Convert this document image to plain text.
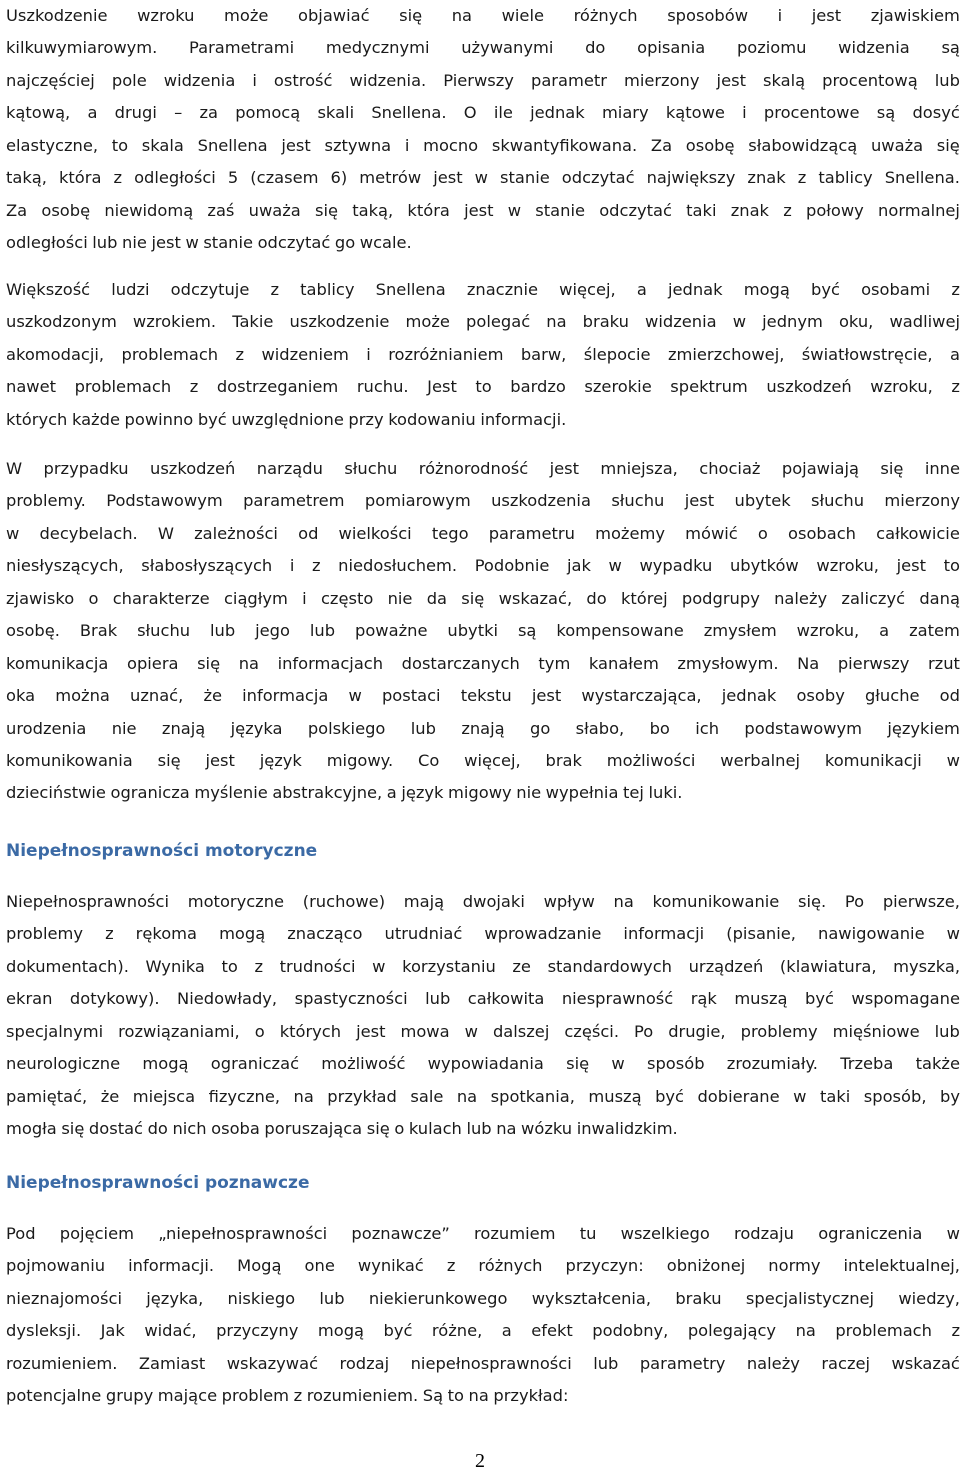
Uszkodzenie wzroku może objawiać się na wiele różnych sposobów i jest zjawiskiem
kilkuwymiarowym. Parametrami medycznymi używanymi do opisania poziomu widzenia są
najczęściej pole widzenia i ostrość widzenia. Pierwszy parametr mierzony jest skalą procentową lub
kątową, a drugi – za pomocą skali Snellena. O ile jednak miary kątowe i procentowe są dosyć
elastyczne, to skala Snellena jest sztywna i mocno skwantyfikowana. Za osobę słabowidzącą uważa się
taką, która z odległości 5 (czasem 6) metrów jest w stanie odczytać największy znak z tablicy Snellena.
Za osobę niewidomą zaś uważa się taką, która jest w stanie odczytać taki znak z połowy normalnej
odległości lub nie jest w stanie odczytać go wcale.
Większość ludzi odczytuje z tablicy Snellena znacznie więcej, a jednak mogą być osobami z
uszkodzonym wzrokiem. Takie uszkodzenie może polegać na braku widzenia w jednym oku, wadliwej
akomodacji, problemach z widzeniem i rozróżnianiem barw, ślepocie zmierzchowej, światłowstręcie, a
nawet problemach z dostrzeganiem ruchu. Jest to bardzo szerokie spektrum uszkodzeń wzroku, z
których każde powinno być uwzględnione przy kodowaniu informacji.
W przypadku uszkodzeń narządu słuchu różnorodność jest mniejsza, chociaż pojawiają się inne
problemy. Podstawowym parametrem pomiarowym uszkodzenia słuchu jest ubytek słuchu mierzony
w decybelach. W zależności od wielkości tego parametru możemy mówić o osobach całkowicie
niesłyszących, słabosłyszących i z niedosłuchem. Podobnie jak w wypadku ubytków wzroku, jest to
zjawisko o charakterze ciągłym i często nie da się wskazać, do której podgrupy należy zaliczyć daną
osobę. Brak słuchu lub jego lub poważne ubytki są kompensowane zmysłem wzroku, a zatem
komunikacja opiera się na informacjach dostarczanych tym kanałem zmysłowym. Na pierwszy rzut
oka można uznać, że informacja w postaci tekstu jest wystarczająca, jednak osoby głuche od
urodzenia nie znają języka polskiego lub znają go słabo, bo ich podstawowym językiem
komunikowania się jest język migowy. Co więcej, brak możliwości werbalnej komunikacji w
dzieciństwie ogranicza myślenie abstrakcyjne, a język migowy nie wypełnia tej luki.
Niepełnosprawności motoryczne
Niepełnosprawności motoryczne (ruchowe) mają dwojaki wpływ na komunikowanie się. Po pierwsze,
problemy z rękoma mogą znacząco utrudniać wprowadzanie informacji (pisanie, nawigowanie w
dokumentach). Wynika to z trudności w korzystaniu ze standardowych urządzeń (klawiatura, myszka,
ekran dotykowy). Niedowłady, spastyczności lub całkowita niesprawność rąk muszą być wspomagane
specjalnymi rozwiązaniami, o których jest mowa w dalszej części. Po drugie, problemy mięśniowe lub
neurologiczne mogą ograniczać możliwość wypowiadania się w sposób zrozumiały. Trzeba także
pamiętać, że miejsca fizyczne, na przykład sale na spotkania, muszą być dobierane w taki sposób, by
mogła się dostać do nich osoba poruszająca się o kulach lub na wózku inwalidzkim.
Niepełnosprawności poznawcze
Pod pojęciem „niepełnosprawności poznawcze” rozumiem tu wszelkiego rodzaju ograniczenia w
pojmowaniu informacji. Mogą one wynikać z różnych przyczyn: obniżonej normy intelektualnej,
nieznajomości języka, niskiego lub niekierunkowego wykształcenia, braku specjalistycznej wiedzy,
dysleksji. Jak widać, przyczyny mogą być różne, a efekt podobny, polegający na problemach z
rozumieniem. Zamiast wskazywać rodzaj niepełnosprawności lub parametry należy raczej wskazać
potencjalne grupy mające problem z rozumieniem. Są to na przykład:
2
